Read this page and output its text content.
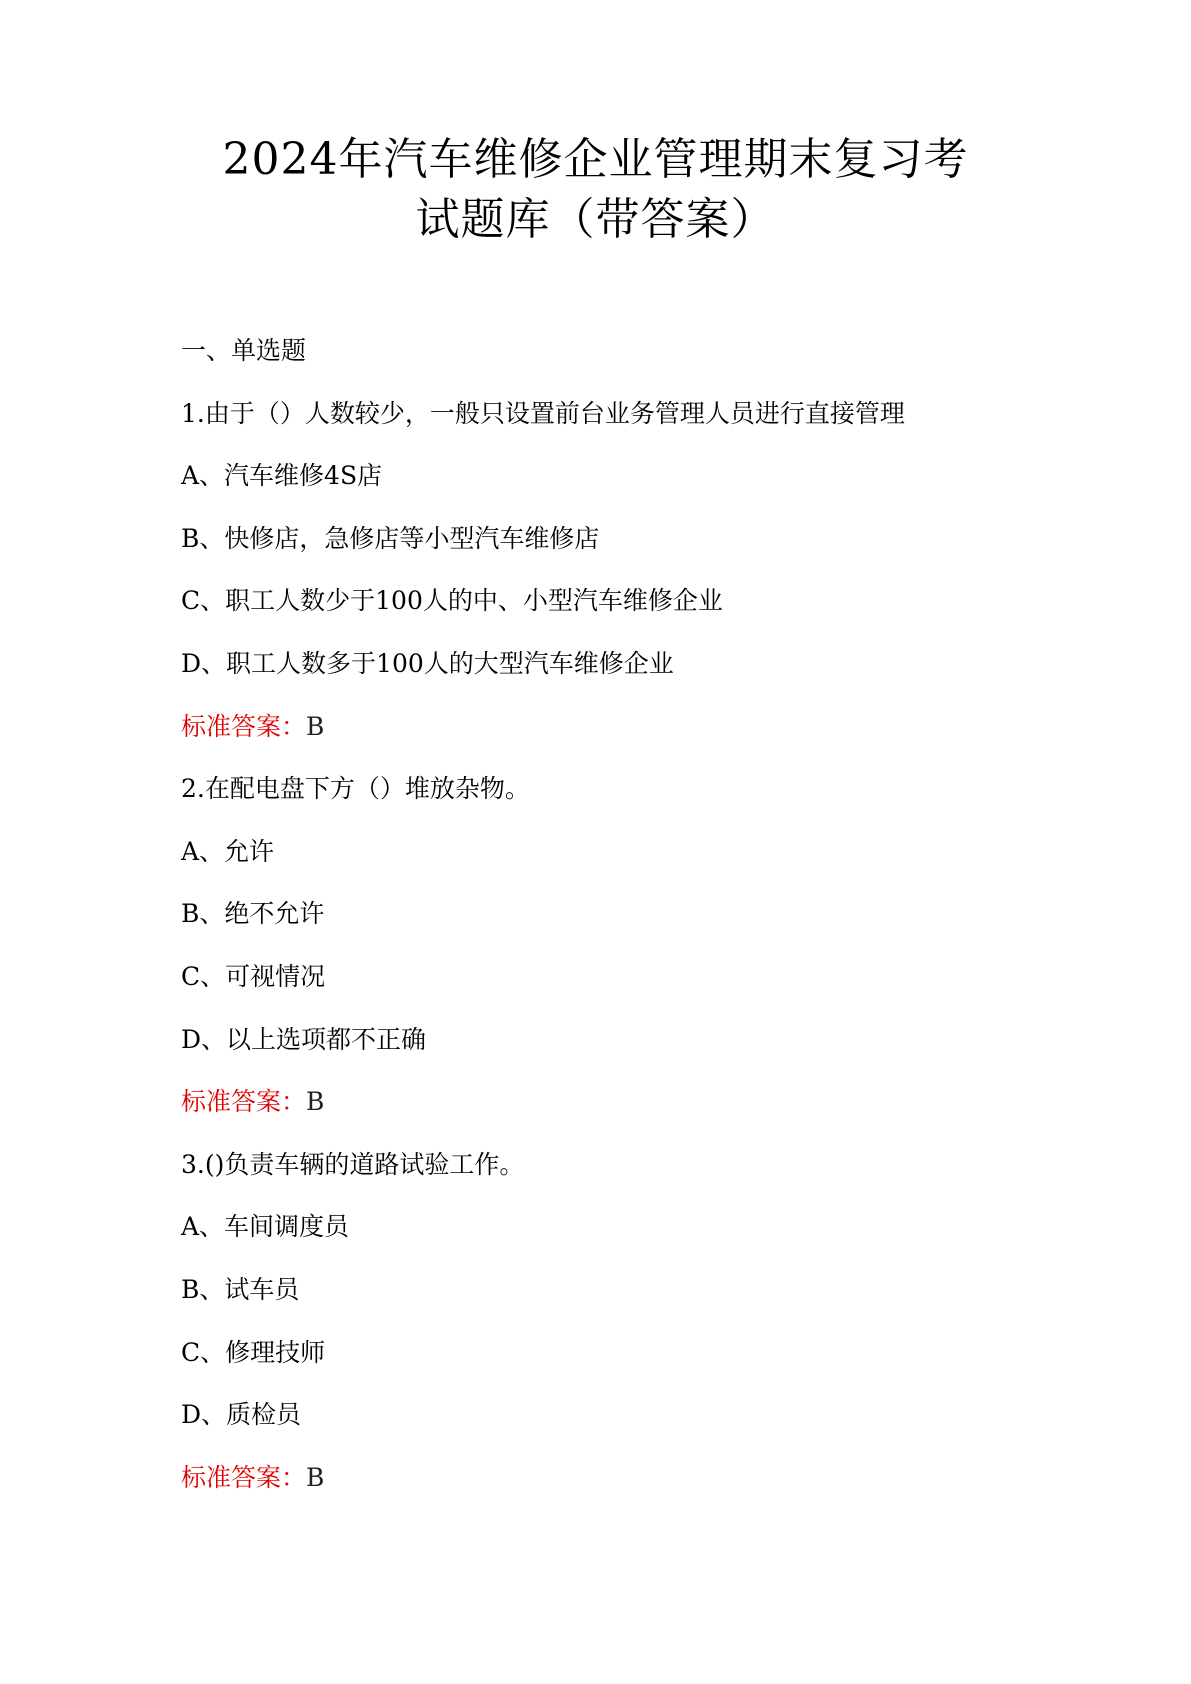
2024年汽车维修企业管理期末复习考
试题库（带答案）
一、单选题
1.由于（）人数较少，一般只设置前台业务管理人员进行直接管理
A、汽车维修4S店
B、快修店，急修店等小型汽车维修店
C、职工人数少于100人的中、小型汽车维修企业
D、职工人数多于100人的大型汽车维修企业
标准答案：B
2.在配电盘下方（）堆放杂物。
A、允许
B、绝不允许
C、可视情况
D、以上选项都不正确
标准答案：B
3.()负责车辆的道路试验工作。
A、车间调度员
B、试车员
C、修理技师
D、质检员
标准答案：B
